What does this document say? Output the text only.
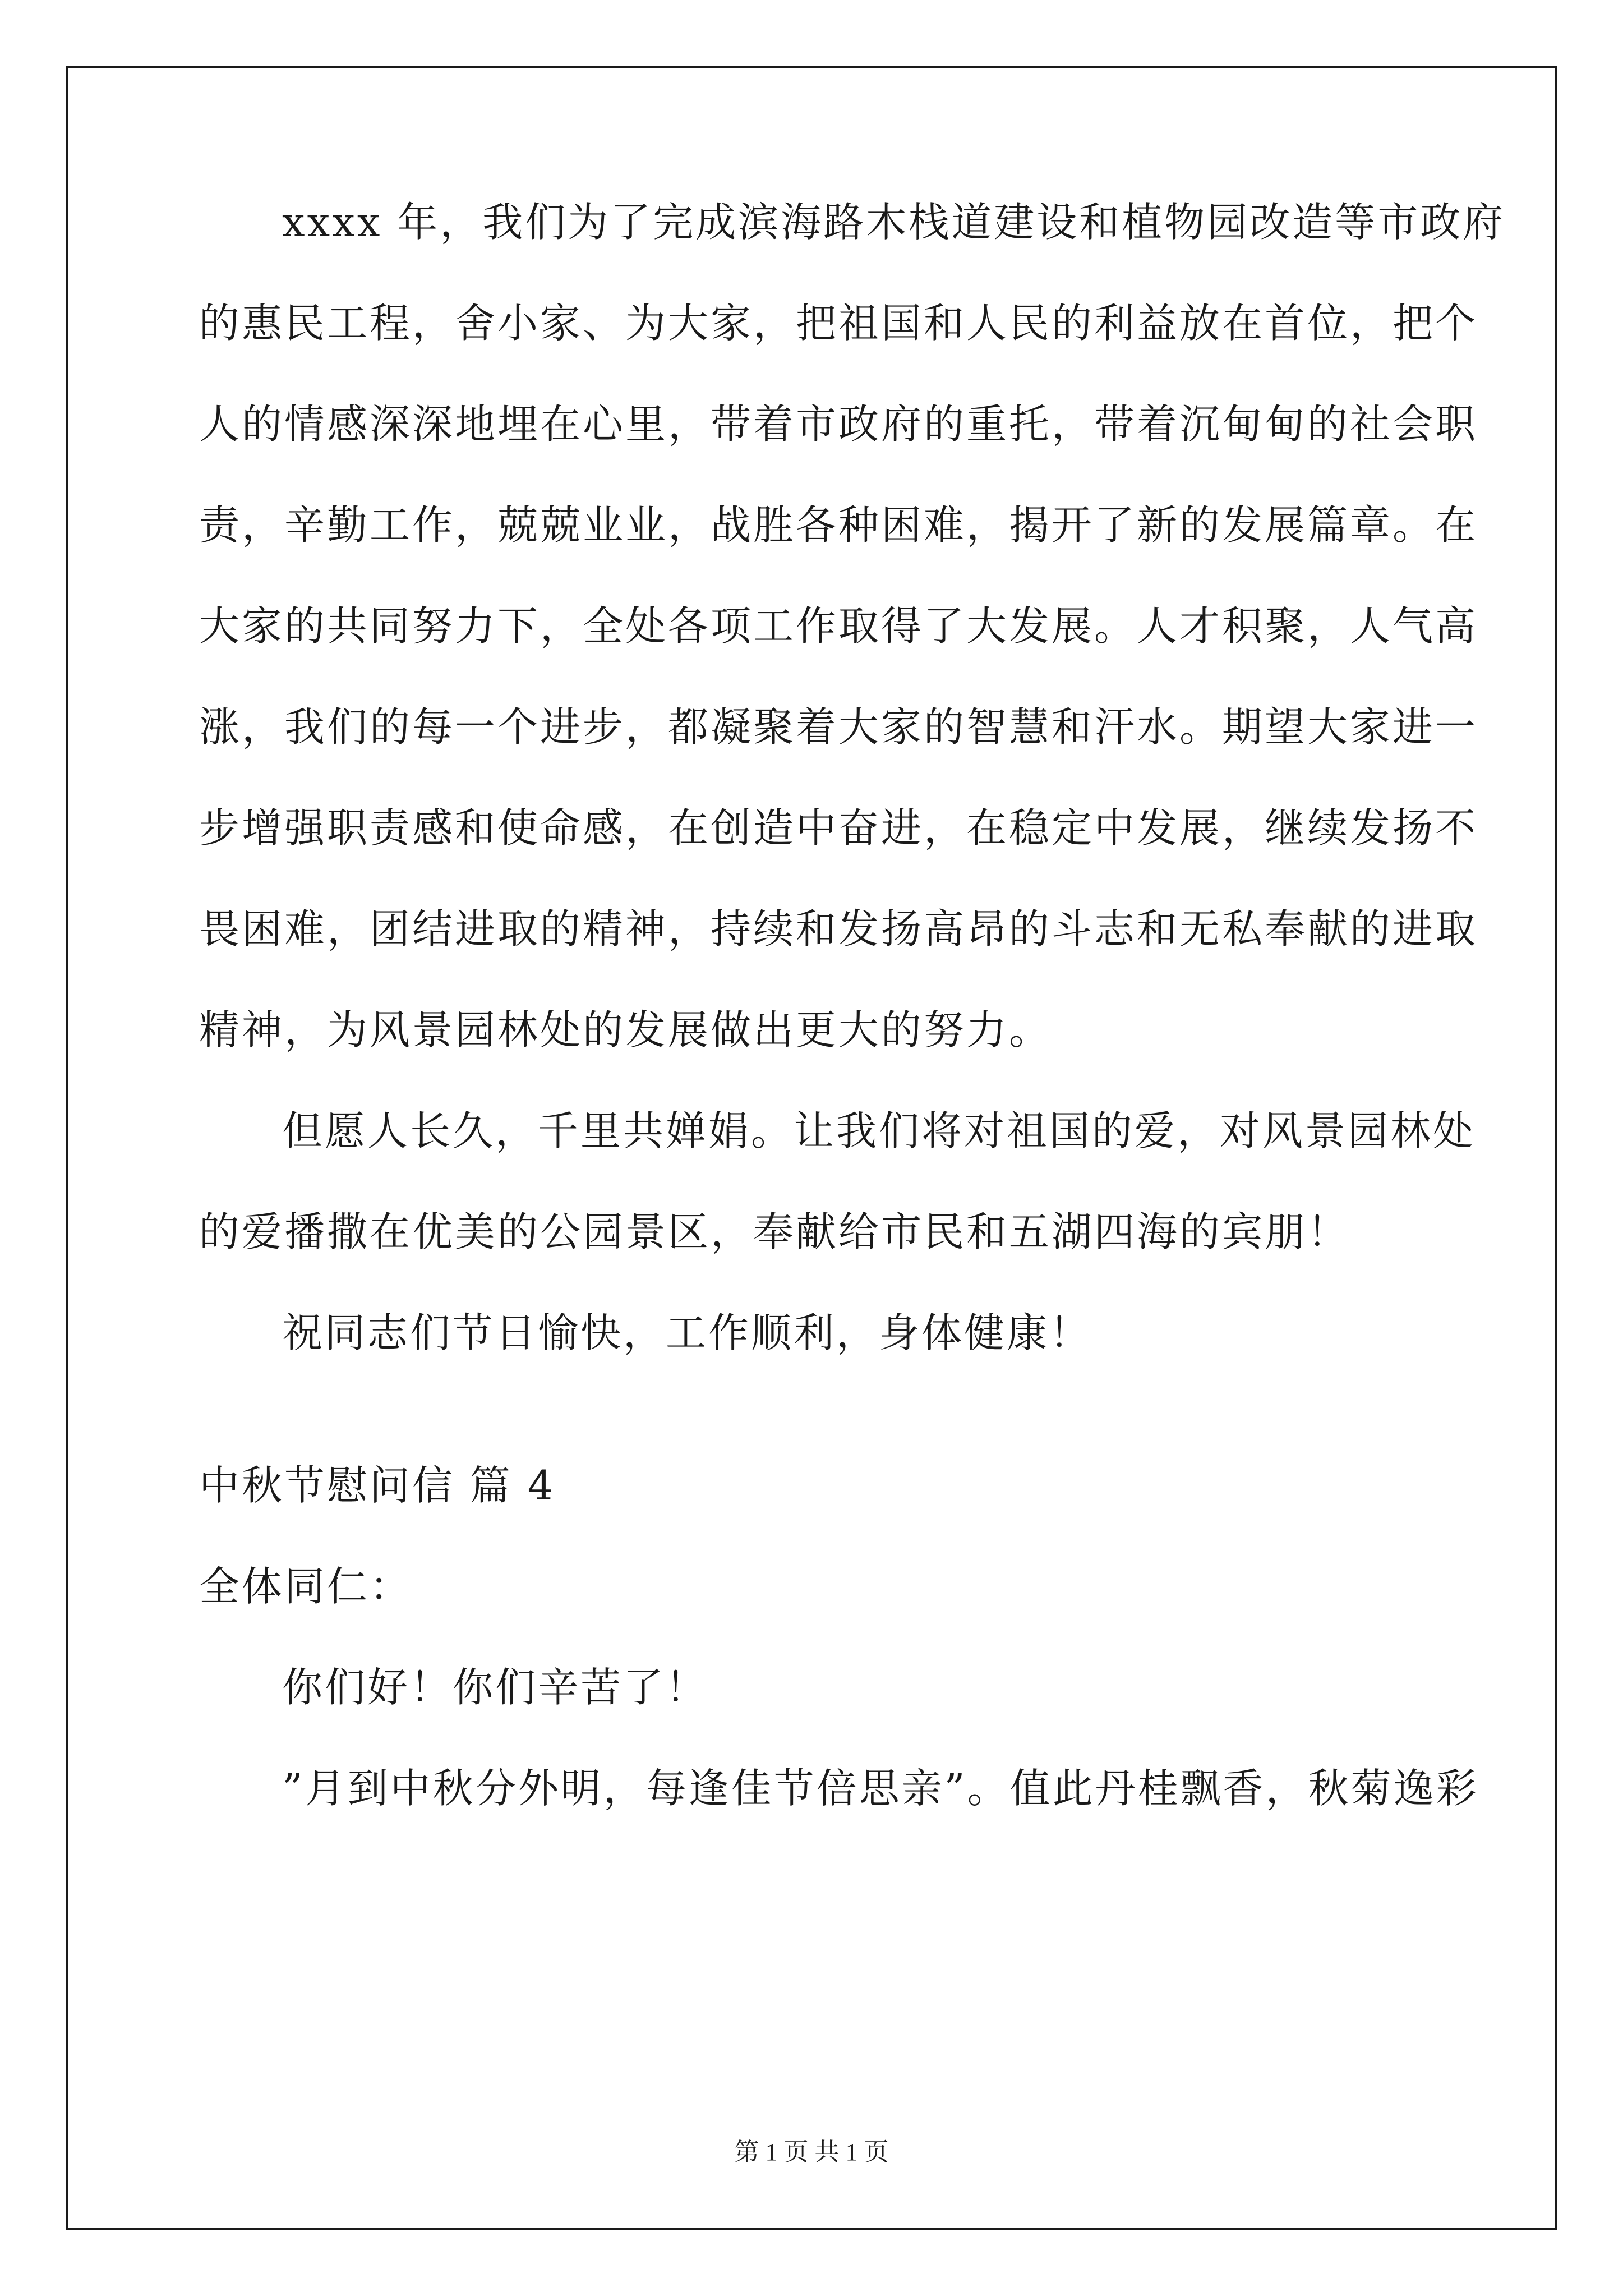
xxxx 年，我们为了完成滨海路木栈道建设和植物园改造等市政府
的惠民工程，舍小家、为大家，把祖国和人民的利益放在首位，把个
人的情感深深地埋在心里，带着市政府的重托，带着沉甸甸的社会职
责，辛勤工作，兢兢业业，战胜各种困难，揭开了新的发展篇章。在
大家的共同努力下，全处各项工作取得了大发展。人才积聚，人气高
涨，我们的每一个进步，都凝聚着大家的智慧和汗水。期望大家进一
步增强职责感和使命感，在创造中奋进，在稳定中发展，继续发扬不
畏困难，团结进取的精神，持续和发扬高昂的斗志和无私奉献的进取
精神，为风景园林处的发展做出更大的努力。
但愿人长久，千里共婵娟。让我们将对祖国的爱，对风景园林处
的爱播撒在优美的公园景区，奉献给市民和五湖四海的宾朋！
祝同志们节日愉快，工作顺利，身体健康！
中秋节慰问信 篇 4
全体同仁：
你们好！你们辛苦了！
”月到中秋分外明，每逢佳节倍思亲”。值此丹桂飘香，秋菊逸彩
第 1 页 共 1 页
